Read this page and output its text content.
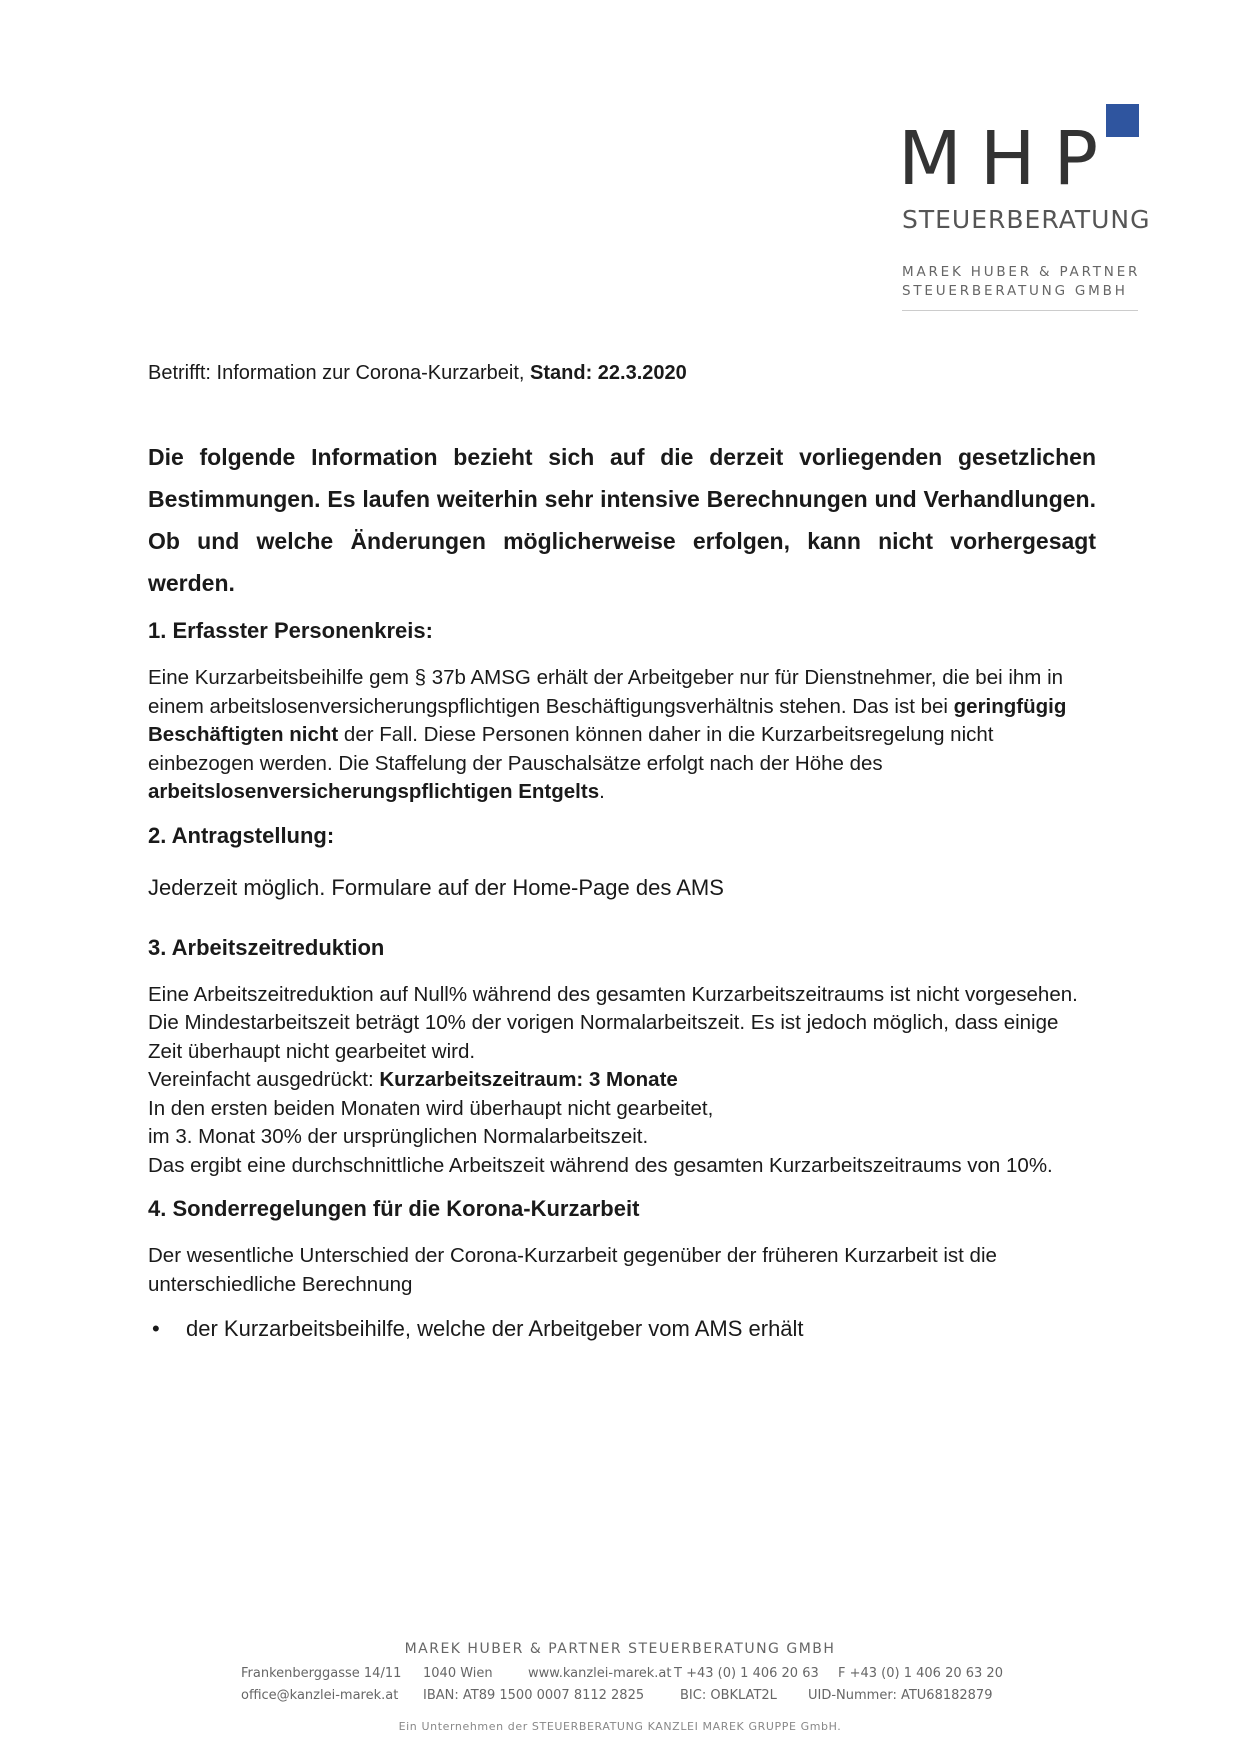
MHP
STEUERBERATUNG
MAREK HUBER & PARTNER
STEUERBERATUNG GMBH

Betrifft: Information zur Corona-Kurzarbeit, Stand: 22.3.2020

Die folgende Information bezieht sich auf die derzeit vorliegenden gesetzlichen Bestimmungen. Es laufen weiterhin sehr intensive Berechnungen und Verhandlungen. Ob und welche Änderungen möglicherweise erfolgen, kann nicht vorhergesagt werden.

1. Erfasster Personenkreis:

Eine Kurzarbeitsbeihilfe gem § 37b AMSG erhält der Arbeitgeber nur für Dienstnehmer, die bei ihm in einem arbeitslosenversicherungspflichtigen Beschäftigungsverhältnis stehen. Das ist bei geringfügig Beschäftigten nicht der Fall. Diese Personen können daher in die Kurzarbeitsregelung nicht einbezogen werden. Die Staffelung der Pauschalsätze erfolgt nach der Höhe des arbeitslosenversicherungspflichtigen Entgelts.

2. Antragstellung:

Jederzeit möglich. Formulare auf der Home-Page des AMS

3. Arbeitszeitreduktion

Eine Arbeitszeitreduktion auf Null% während des gesamten Kurzarbeitszeitraums ist nicht vorgesehen. Die Mindestarbeitszeit beträgt 10% der vorigen Normalarbeitszeit. Es ist jedoch möglich, dass einige Zeit überhaupt nicht gearbeitet wird.
Vereinfacht ausgedrückt: Kurzarbeitszeitraum: 3 Monate
In den ersten beiden Monaten wird überhaupt nicht gearbeitet,
im 3. Monat 30% der ursprünglichen Normalarbeitszeit.
Das ergibt eine durchschnittliche Arbeitszeit während des gesamten Kurzarbeitszeitraums von 10%.

4. Sonderregelungen für die Korona-Kurzarbeit

Der wesentliche Unterschied der Corona-Kurzarbeit gegenüber der früheren Kurzarbeit ist die unterschiedliche Berechnung

• der Kurzarbeitsbeihilfe, welche der Arbeitgeber vom AMS erhält
MAREK HUBER & PARTNER STEUERBERATUNG GMBH
Frankenberggasse 14/11 1040 Wien	www.kanzlei-marek.at T +43 (0) 1 406 20 63 F +43 (0) 1 406 20 63 20
office@kanzlei-marek.at IBAN: AT89 1500 0007 8112 2825	BIC: OBKLAT2L UID-Nummer: ATU68182879
Ein Unternehmen der STEUERBERATUNG KANZLEI MAREK GRUPPE GmbH.
